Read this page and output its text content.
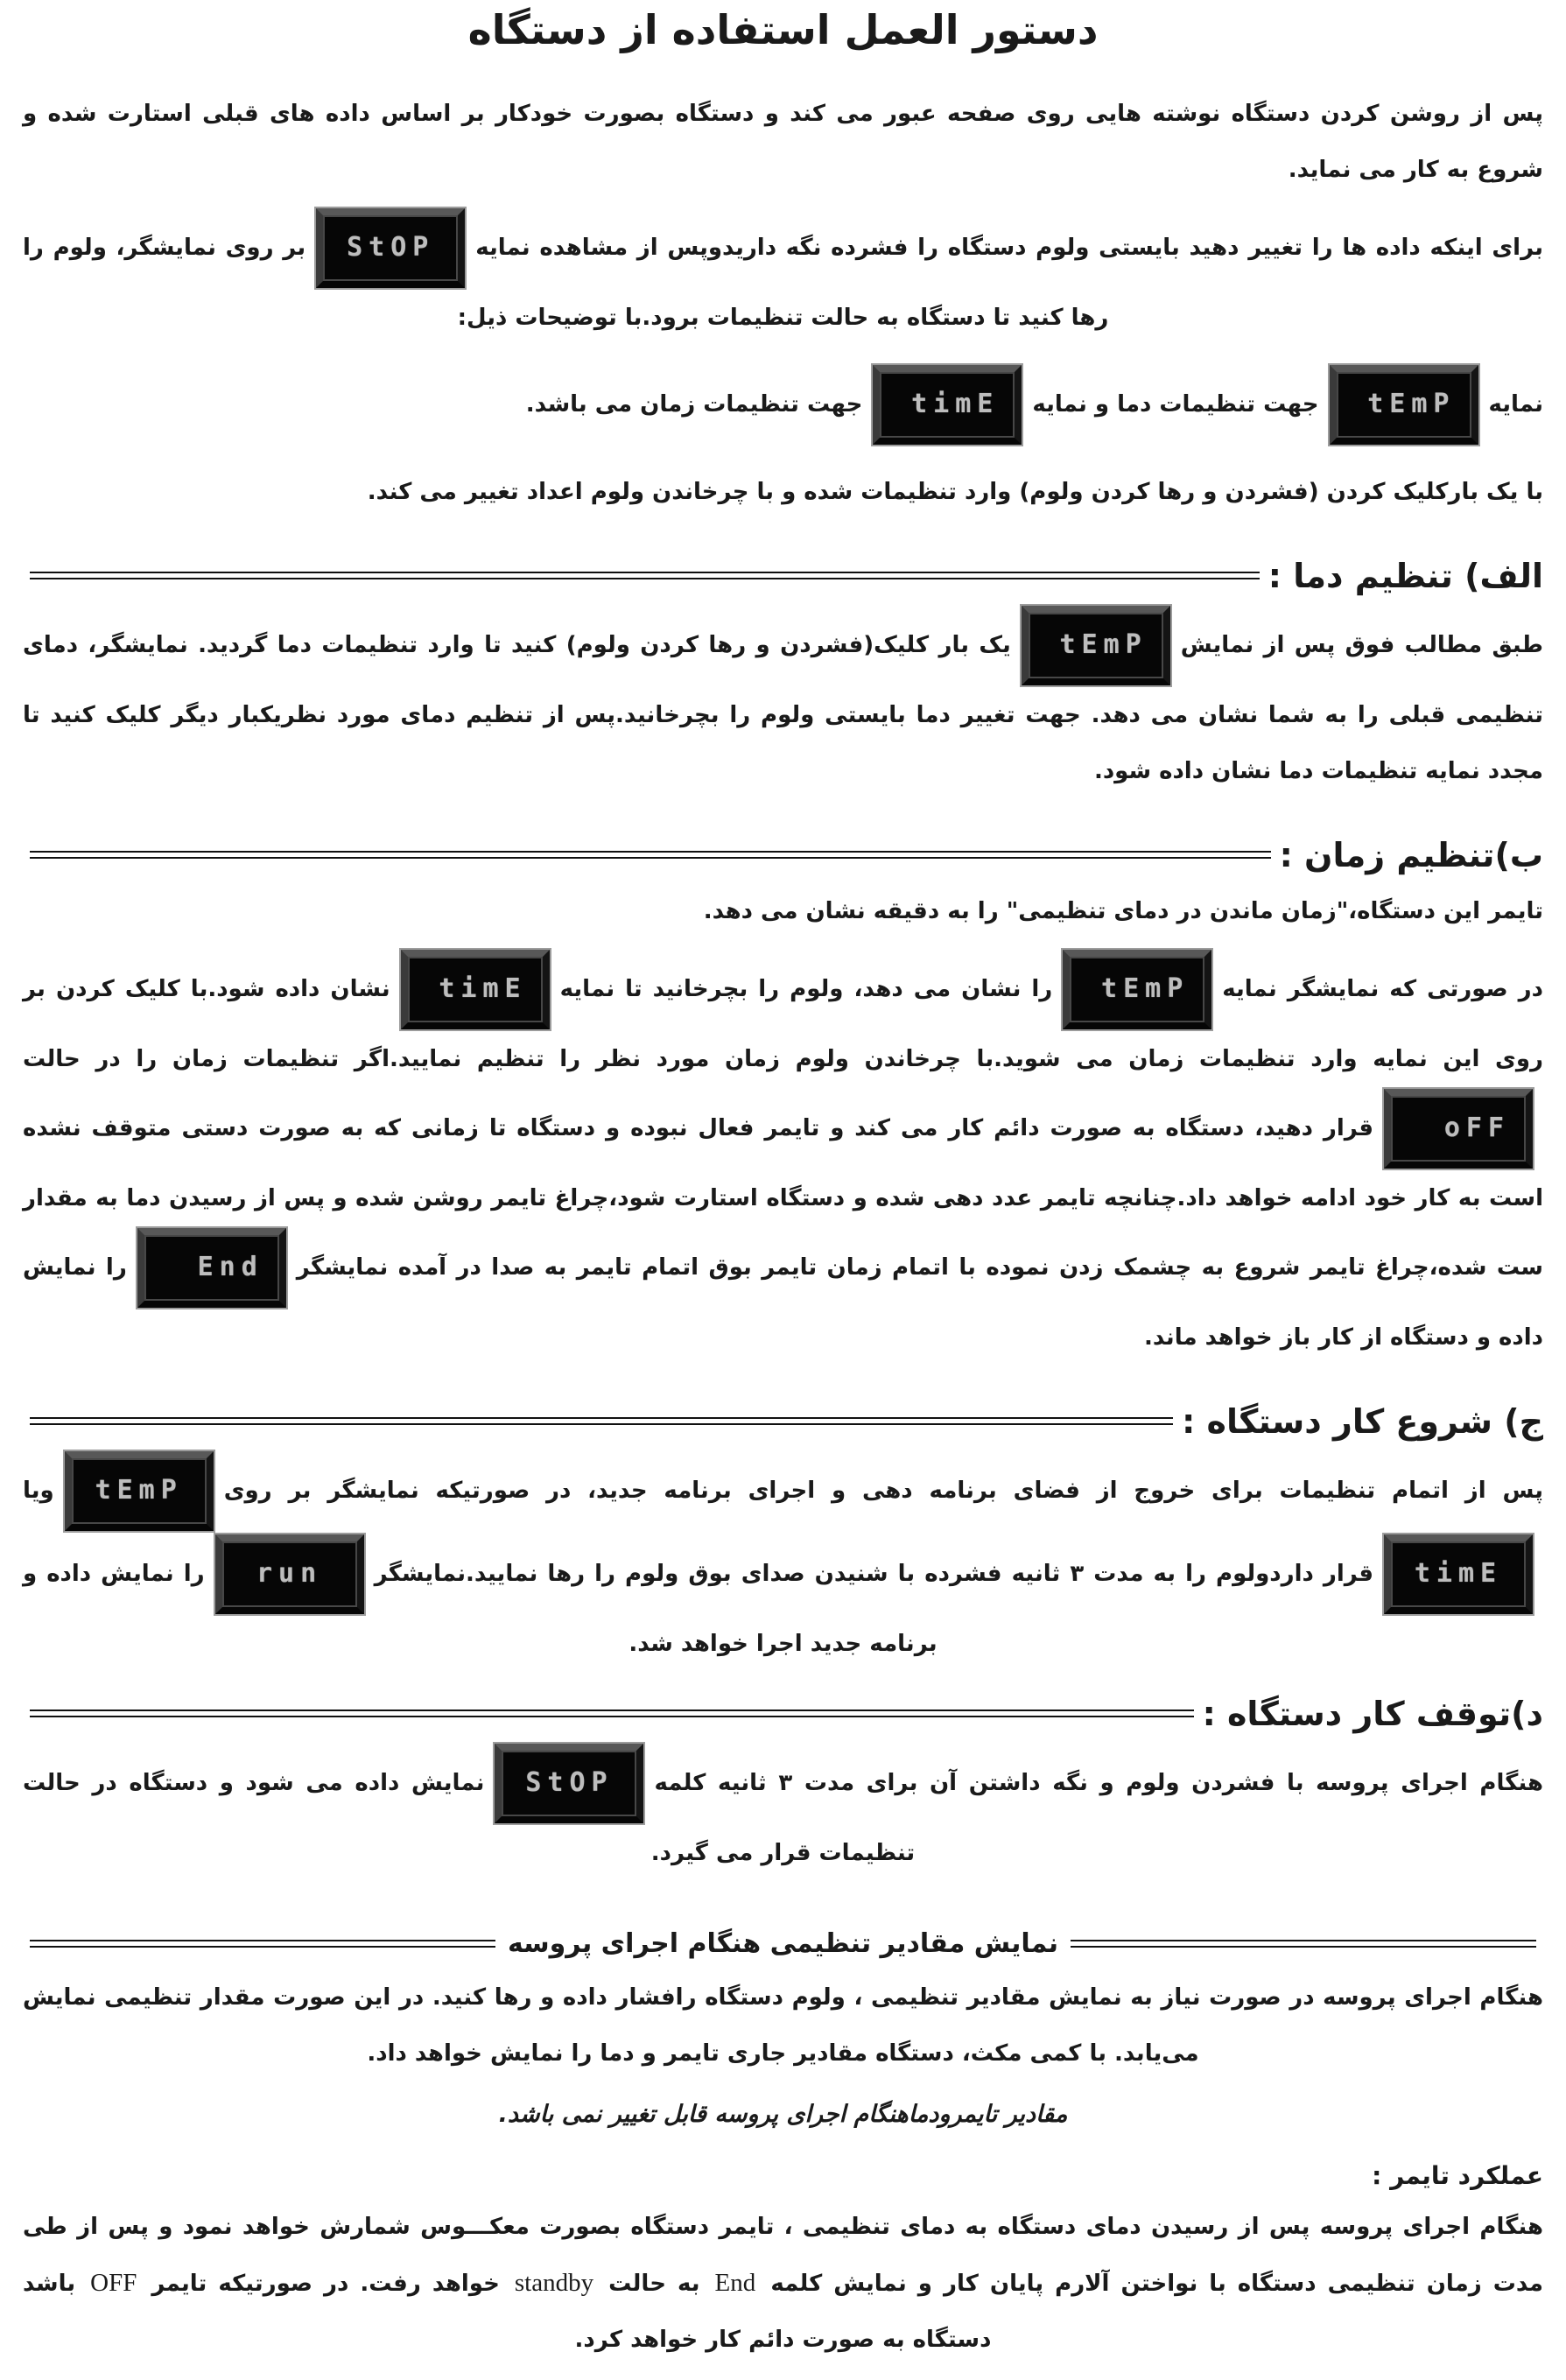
دستور العمل استفاده از دستگاه

پس از روشن کردن دستگاه نوشته هایی روی صفحه عبور می کند و دستگاه بصورت خودکار بر اساس داده های قبلی استارت شده و شروع به کار می نماید.

برای اینکه داده ها را تغییر دهید بایستی ولوم دستگاه را فشرده نگه داریدوپس از مشاهده نمایهStOPبر روی نمایشگر، ولوم را رها کنید تا دستگاه به حالت تنظیمات برود.با توضیحات ذیل:

نمایهtEmPجهت تنظیمات دما و نمایهtimEجهت تنظیمات زمان می باشد.

با یک بارکلیک کردن (فشردن و رها کردن ولوم) وارد تنظیمات شده و با چرخاندن ولوم اعداد تغییر می کند.

الف) تنظیم دما :

طبق مطالب فوق پس از نمایشtEmPیک بار کلیک(فشردن و رها کردن ولوم) کنید تا وارد تنظیمات دما گردید. نمایشگر، دمای تنظیمی قبلی را به شما نشان می دهد. جهت تغییر دما بایستی ولوم را بچرخانید.پس از تنظیم دمای مورد نظریکبار دیگر کلیک کنید تا مجدد نمایه تنظیمات دما نشان داده شود.

ب)تنظیم زمان :

تایمر این دستگاه،"زمان ماندن در دمای تنظیمی" را به دقیقه نشان می دهد.

در صورتی که نمایشگر نمایهtEmPرا نشان می دهد، ولوم را بچرخانید تا نمایهtimEنشان داده شود.با کلیک کردن بر روی این نمایه وارد تنظیمات زمان می شوید.با چرخاندن ولوم زمان مورد نظر را تنظیم نمایید.اگر تنظیمات زمان را در حالتoFFقرار دهید، دستگاه به صورت دائم کار می کند و تایمر فعال نبوده و دستگاه تا زمانی که به صورت دستی متوقف نشده است به کار خود ادامه خواهد داد.چنانچه تایمر عدد دهی شده و دستگاه استارت شود،چراغ تایمر روشن شده و پس از رسیدن دما به مقدار ست شده،چراغ تایمر شروع به چشمک زدن نموده با اتمام زمان تایمر بوق اتمام تایمر به صدا در آمده نمایشگرEndرا نمایش داده و دستگاه از کار باز خواهد ماند.

ج) شروع کار دستگاه :

پس از اتمام تنظیمات برای خروج از فضای برنامه دهی و اجرای برنامه جدید، در صورتیکه نمایشگر بر رویtEmPویاtimEقرار داردولوم را به مدت ۳ ثانیه فشرده با شنیدن صدای بوق ولوم را رها نمایید.نمایشگرrunرا نمایش داده و برنامه جدید اجرا خواهد شد.

د)توقف کار دستگاه :

هنگام اجرای پروسه با فشردن ولوم و نگه داشتن آن برای مدت ۳ ثانیه کلمهStOPنمایش داده می شود و دستگاه در حالت تنظیمات قرار می گیرد.

نمایش مقادیر تنظیمی هنگام اجرای پروسه

هنگام اجرای پروسه در صورت نیاز به نمایش مقادیر تنظیمی ، ولوم دستگاه رافشار داده و رها کنید. در این صورت مقدار تنظیمی نمایش می‌یابد. با کمی مکث، دستگاه مقادیر جاری تایمر و دما را نمایش خواهد داد.

مقادیر تایمرودماهنگام اجرای پروسه قابل تغییر نمی باشد.

عملکرد تایمر :

هنگام اجرای پروسه پس از رسیدن دمای دستگاه به دمای تنظیمی ، تایمر دستگاه بصورت معکـــوس شمارش خواهد نمود و پس از طی مدت زمان تنظیمی دستگاه با نواختن آلارم پایان کار و نمایش کلمه End به حالت standby خواهد رفت. در صورتیکه تایمر OFF باشد دستگاه به صورت دائم کار خواهد کرد.
